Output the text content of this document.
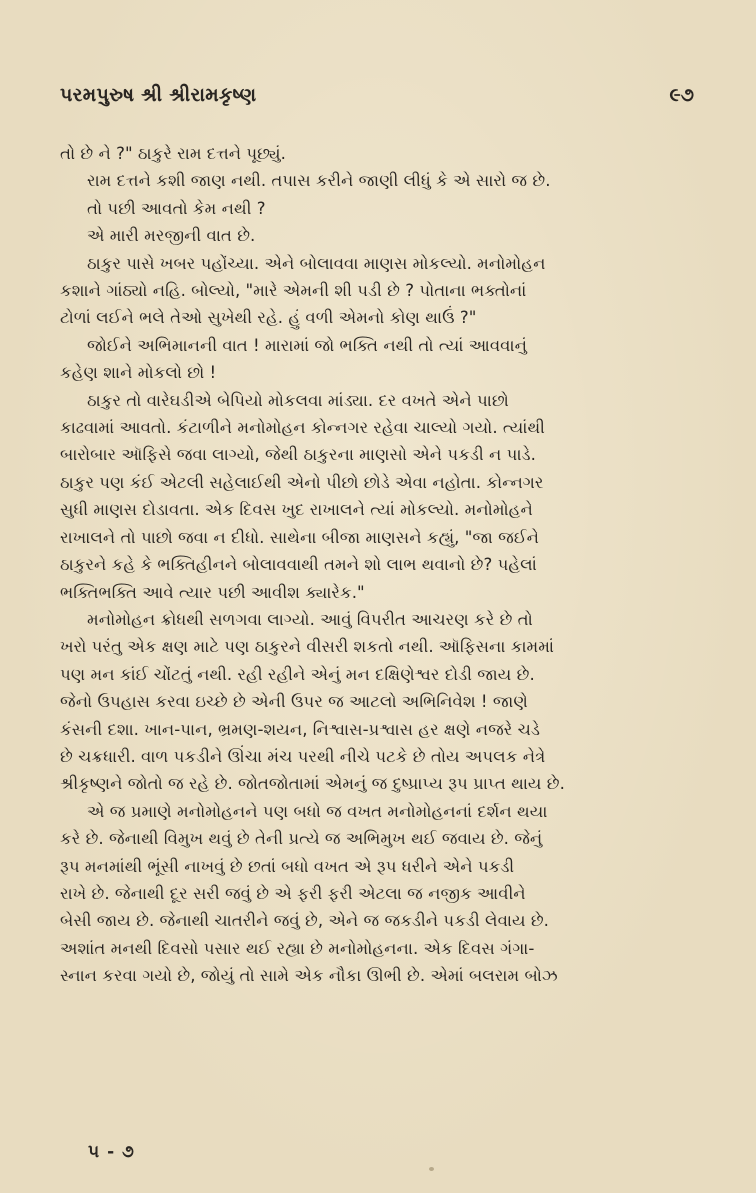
પરમપુરુષ શ્રી શ્રીરામકૃષ્ણ	૯૭
તો છે ને ?" ઠાકુરે રામ દત્તને પૂછ્યું.
રામ દત્તને કશી જાણ નથી. તપાસ કરીને જાણી લીધું કે એ સારો જ છે.
તો પછી આવતો કેમ નથી ?
એ મારી મરજીની વાત છે.
ઠાકુર પાસે ખબર પહોંચ્યા. એને બોલાવવા માણસ મોકલ્યો. મનોમોહન
કશાને ગાંઠ્યો નહિ. બોલ્યો, "મારે એમની શી પડી છે ? પોતાના ભક્તોનાં
ટોળાં લઈને ભલે તેઓ સુખેથી રહે. હું વળી એમનો કોણ થાઉં ?"
જોઈને અભિમાનની વાત ! મારામાં જો ભક્તિ નથી તો ત્યાં આવવાનું
કહેણ શાને મોકલો છો !
ઠાકુર તો વારેઘડીએ બેપિયો મોકલવા માંડ્યા. દર વખતે એને પાછો
કાઢવામાં આવતો. કંટાળીને મનોમોહન કોન્નગર રહેવા ચાલ્યો ગયો. ત્યાંથી
બારોબાર ઑફિસે જવા લાગ્યો, જેથી ઠાકુરના માણસો એને પકડી ન પાડે.
ઠાકુર પણ કંઈ એટલી સહેલાઈથી એનો પીછો છોડે એવા નહોતા. કોન્નગર
સુધી માણસ દોડાવતા. એક દિવસ ખુદ રાખાલને ત્યાં મોકલ્યો. મનોમોહને
રાખાલને તો પાછો જવા ન દીધો. સાથેના બીજા માણસને કહ્યું, "જા જઈને
ઠાકુરને કહે કે ભક્તિહીનને બોલાવવાથી તમને શો લાભ થવાનો છે? પહેલાં
ભક્તિભક્તિ આવે ત્યાર પછી આવીશ ક્યારેક."
મનોમોહન ક્રોધથી સળગવા લાગ્યો. આવું વિપરીત આચરણ કરે છે તો
ખરો પરંતુ એક ક્ષણ માટે પણ ઠાકુરને વીસરી શકતો નથી. ઑફિસના કામમાં
પણ મન કાંઈ ચોંટતું નથી. રહી રહીને એનું મન દક્ષિણેશ્વર દોડી જાય છે.
જેનો ઉપહાસ કરવા ઇચ્છે છે એની ઉપર જ આટલો અભિનિવેશ ! જાણે
કંસની દશા. ખાન-પાન, ભ્રમણ-શયન, નિશ્વાસ-પ્રશ્વાસ હર ક્ષણે નજરે ચડે
છે ચક્રધારી. વાળ પકડીને ઊંચા મંચ પરથી નીચે પટકે છે તોય અપલક નેત્રે
શ્રીકૃષ્ણને જોતો જ રહે છે. જોતજોતામાં એમનું જ દુષ્પ્રાપ્ય રૂપ પ્રાપ્ત થાય છે.
એ જ પ્રમાણે મનોમોહનને પણ બધો જ વખત મનોમોહનનાં દર્શન થયા
કરે છે. જેનાથી વિમુખ થવું છે તેની પ્રત્યે જ અભિમુખ થઈ જવાય છે. જેનું
રૂપ મનમાંથી ભૂંસી નાખવું છે છતાં બધો વખત એ રૂપ ધરીને એને પકડી
રાખે છે. જેનાથી દૂર સરી જવું છે એ ફરી ફરી એટલા જ નજીક આવીને
બેસી જાય છે. જેનાથી ચાતરીને જવું છે, એને જ જકડીને પકડી લેવાય છે.
અશાંત મનથી દિવસો પસાર થઈ રહ્યા છે મનોમોહનના. એક દિવસ ગંગા-
સ્નાન કરવા ગયો છે, જોયું તો સામે એક નૌકા ઊભી છે. એમાં બલરામ બોઝ
૫ - ૭
